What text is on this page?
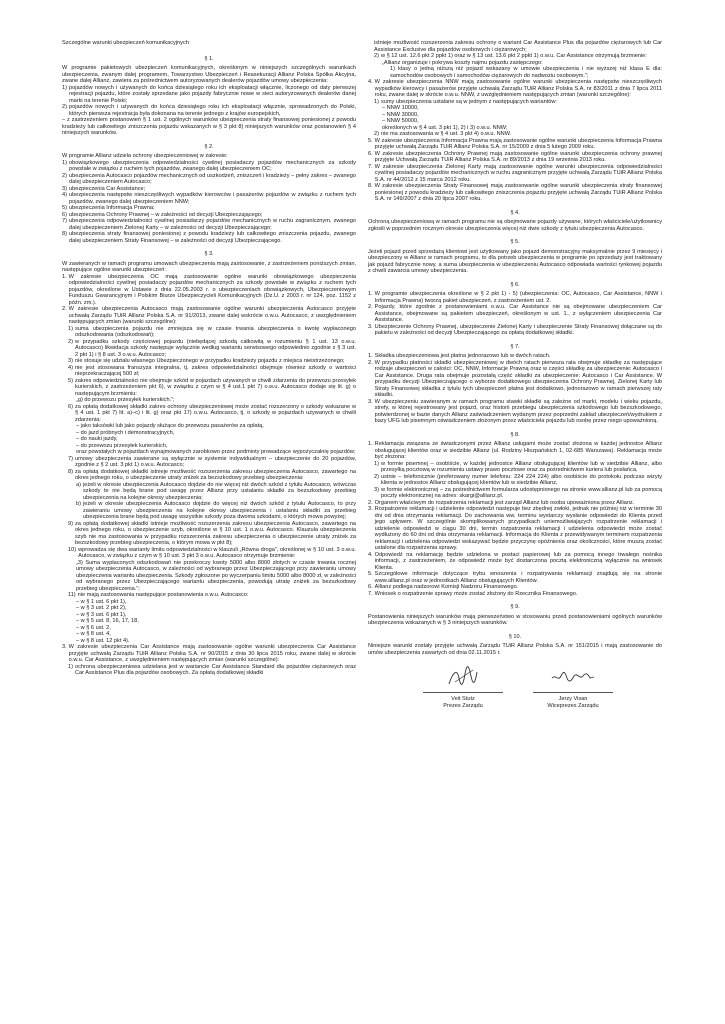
Szczególne warunki ubezpieczeń komunikacyjnych

§ 1.

W programie pakietowych ubezpieczeń komunikacyjnych, określonym w niniejszych szczególnych warunkach ubezpieczenia, zwanym dalej programem, Towarzystwo Ubezpieczeń i Reasekuracji Allianz Polska Spółka Akcyjna, zwane dalej Allianz, zawiera za pośrednictwem autoryzowanych dealerów pojazdów umowy ubezpieczenia:

1) pojazdów nowych i używanych do końca dziesiątego roku ich eksploatacji włącznie, liczonego od daty pierwszej rejestracji pojazdu, które zostały sprzedane jako pojazdy fabrycznie nowe w sieci autoryzowanych dealerów danej marki na terenie Polski;
2) pojazdów nowych i używanych do końca dziesiątego roku ich eksploatacji włącznie, sprowadzonych do Polski, których pierwsza rejestracja była dokonana na terenie jednego z krajów europejskich,

– z zastrzeżeniem postanowień § 1 ust. 2 ogólnych warunków ubezpieczenia straty finansowej poniesionej z powodu kradzieży lub całkowitego zniszczenia pojazdu wskazanych w § 3 pkt 8) niniejszych warunków oraz postanowień § 4 niniejszych warunków.

§ 2.

W programie Allianz udziela ochrony ubezpieczeniowej w zakresie:

1) obowiązkowego ubezpieczenia odpowiedzialności cywilnej posiadaczy pojazdów mechanicznych za szkody powstałe w związku z ruchem tych pojazdów, zwanego dalej ubezpieczeniem OC;
2) ubezpieczenia Autocasco pojazdów mechanicznych od uszkodzeń, zniszczeń i kradzieży – pełny zakres – zwanego dalej ubezpieczeniem Autocasco;
3) ubezpieczenia Car Assistance;
4) ubezpieczenia następstw nieszczęśliwych wypadków kierowców i pasażerów pojazdów w związku z ruchem tych pojazdów, zwanego dalej ubezpieczeniem NNW;
5) ubezpieczenia Informacja Prawna;
6) ubezpieczenia Ochrony Prawnej – w zależności od decyzji Ubezpieczającego;
7) ubezpieczenia odpowiedzialności cywilnej posiadaczy pojazdów mechanicznych w ruchu zagranicznym, zwanego dalej ubezpieczeniem Zielonej Karty – w zależności od decyzji Ubezpieczającego;
8) ubezpieczenia straty finansowej poniesionej z powodu kradzieży lub całkowitego zniszczenia pojazdu, zwanego dalej ubezpieczeniem Straty Finansowej – w zależności od decyzji Ubezpieczającego.

§ 3.

W zawieranych w ramach programu umowach ubezpieczenia mają zastosowanie, z zastrzeżeniem poniższych zmian, następujące ogólne warunki ubezpieczeń:

1. W zakresie ubezpieczenia OC mają zastosowanie ogólne warunki obowiązkowego ubezpieczenia odpowiedzialności cywilnej posiadaczy pojazdów mechanicznych za szkody powstałe w związku z ruchem tych pojazdów, określone w Ustawie z dnia 22.05.2003 r. o ubezpieczeniach obowiązkowych, Ubezpieczeniowym Funduszu Gwarancyjnym i Polskim Biurze Ubezpieczycieli Komunikacyjnych (Dz.U. z 2003 r. nr 124, poz. 1152 z późn. zm.).
2. W zakresie ubezpieczenia Autocasco mają zastosowanie ogólne warunki ubezpieczenia Autocasco przyjęte uchwałą Zarządu TUiR Allianz Polska S.A. nr 91/2013, zwane dalej wskrócie o.w.u. Autocasco, z uwzględnieniem następujących zmian (warunki szczególne):
1) suma ubezpieczenia pojazdu nie zmniejsza się w czasie trwania ubezpieczenia o kwotę wypłaconego odszkodowania (odszkodowań);
2) w przypadku szkody częściowej pojazdu (niebędącej szkodą całkowitą w rozumieniu § 1 ust. 13 o.w.u. Autocasco) likwidacja szkody następuje wyłącznie według wariantu serwisowego odpowiednio zgodnie z § 3 ust. 2 pkt 1) i § 8 ust. 3 o.w.u. Autocasco;
3) nie stosuje się udziału własnego Ubezpieczonego w przypadku kradzieży pojazdu z miejsca nieistrzeżonego;
4) nie jest stosowana franszyza integralna, tj. zakres odpowiedzialności obejmuje również szkody o wartości nieprzekraczającej 500 zł;
5) zakres odpowiedzialności nie obejmuje szkód w pojazdach używanych w chwili zdarzenia do przewozu przesyłek kurierskich, z zastrzeżeniem pkt 6), w związku z czym w § 4 ust.1 pkt 7) o.w.u. Autocasco dodaje się lit. g) o następującym brzmieniu:

„g) do przewozu przesyłek kurierskich.”;

6) za opłatą dodatkowej składki zakres ochrony ubezpieczeniowej może zostać rozszerzony o szkody wskazane w § 4 ust. 1 pkt 7) lit. a)–c) i lit. g) oraz pkt 17) o.w.u. Autocasco, tj. o szkody w pojazdach używanych w chwili zdarzenia:

– jako taksówki lub jako pojazdy służące do przewozu pasażerów za opłatą,

– do jazd próbnych i demonstracyjnych,

– do nauki jazdy,

– do przewozu przesyłek kurierskich,

oraz powstałych w pojazdach wynajmowanych zarobkowo przez podmioty prowadzące wypożyczalnię pojazdów;

7) umowy ubezpieczenia zawierane są wyłącznie w systemie indywidualnym – ubezpieczenie do 20 pojazdów, zgodnie z § 2 ust. 3 pkt 1) o.w.u. Autocasco;
8) za opłatą dodatkowej składki istnieje możliwość rozszerzenia zakresu ubezpieczenia Autocasco, zawartego na okres jednego roku, o ubezpieczenie utraty zniżek za bezszkodowy przebieg ubezpieczenia:
a) jeżeli w okresie ubezpieczenia Autocasco dojdzie do nie więcej niż dwóch szkód z tytułu Autocasco, wówczas szkody te nie będą brane pod uwagę przez Allianz przy ustalaniu składki za bezszkodowy przebieg ubezpieczenia na kolejne okresy ubezpieczenia;
b) jeżeli w okresie ubezpieczenia Autocasco dojdzie do więcej niż dwóch szkód z tytułu Autocasco, to przy zawieraniu umowy ubezpieczenia na kolejne okresy ubezpieczenia i ustalaniu składki za przebieg ubezpieczenia brane będą pod uwagę wszystkie szkody poza dwoma szkodami, o których mowa powyżej;
9) za opłatą dodatkowej składki istnieje możliwość rozszerzenia zakresu ubezpieczenia Autocasco, zawartego na okres jednego roku, o ubezpieczenie szyb, określone w § 10 ust. 1 o.w.u. Autocasco. Klauzula ubezpieczenia szyb nie ma zastosowania w przypadku rozszerzenia zakresu ubezpieczenia o ubezpieczenie utraty zniżek za bezszkodowy przebieg ubezpieczenia, o którym mowa w pkt 8);
10) wprowadza się dwa warianty limitu odpowiedzialności w klauzuli „Równa droga”, określonej w § 10 ust. 3 o.w.u. Autocasco, w związku z czym w § 10 ust. 3 pkt 3 o.w.u. Autocasco otrzymuje brzmienie:

„3) Suma wypłaconych odszkodowań nie przekroczy kwoty 5000 albo 8000 złotych w czasie trwania rocznej umowy ubezpieczenia Autocasco, w zależności od wybranego przez Ubezpieczającego przy zawieraniu umowy ubezpieczenia wariantu ubezpieczenia. Szkody zgłoszone po wyczerpaniu limitu 5000 albo 8000 zł, w zależności od wybranego przez Ubezpieczającego wariantu ubezpieczenia, powodują utratę zniżek za bezszkodowy przebieg ubezpieczenia.”;

11) nie mają zastosowania następujące postanowienia o.w.u. Autocasco:

– w § 1 ust. 6 pkt 1),

– w § 3 ust. 2 pkt 2),

– w § 3 ust. 6 pkt 1),

– w § 5 ust. 8, 16, 17, 18,

– w § 6 ust. 2,

– w § 8 ust. 4,

– w § 8 ust. 12 pkt 4).

3. W zakresie ubezpieczenia Car Assistance mają zastosowanie ogólne warunki ubezpieczenia Car Assistance przyjęte uchwałą Zarządu TUiR Allianz Polska S.A. nr 90/2015 z dnia 30 lipca 2015 roku, zwane dalej w skrócie o.w.u. Car Assistance, z uwzględnieniem następujących zmian (warunki szczególne):
1) ochrona ubezpieczeniowa udzielana jest w wariancie Car Assistance Standard dla pojazdów ciężarowych oraz Car Assistance Plus dla pojazdów osobowych. Za opłatą dodatkowej składki

istnieje możliwość rozszerzenia zakresu ochrony o wariant Car Assistance Plus dla pojazdów ciężarowych lub Car Assistance Exclusive dla pojazdów osobowych i ciężarowych;

2) w § 12 ust. 12.6 pkt 2 ppkt 1) oraz w § 13 ust. 13.6 pkt 2 ppkt 1) o.w.u. Car Assistance otrzymują brzmienie:

„Allianz organizuje i pokrywa koszty najmu pojazdu zastępczego:

1) klasy o jedną niższą niż pojazd wskazany w umowie ubezpieczenia i nie wyższej niż klasa E dla: samochodów osobowych i samochodów ciężarowych do nadwoziu osobowym.”;

4. W zakresie ubezpieczenia NNW mają zastosowanie ogólne warunki ubezpieczenia następstw nieszczęśliwych wypadków kierowcy i pasażerów przyjęte uchwałą Zarządu TUiR Allianz Polska S.A. nr 83/2011 z dnia 7 lipca 2011 roku, zwane dalej w skrócie o.w.u. NNW, z uwzględnieniem następujących zmian (warunki szczególne):
1) sumy ubezpieczenia ustalane są w jednym z następujących wariantów:

– NNW 10000,

– NNW 30000,

– NNW 50000,

określonych w § 4 ust. 3 pkt 1), 2) i 3) o.w.u. NNW;

2) nie ma zastosowania w § 4 ust. 3 pkt 4) o.w.u. NNW.
5. W zakresie ubezpieczenia Informacja Prawna mają zastosowanie ogólne warunki ubezpieczenia Informacja Prawna przyjęte uchwałą Zarządu TUiR Allianz Polska S.A. nr 15/2009 z dnia 5 lutego 2009 roku.
6. W zakresie ubezpieczenia Ochrony Prawnej mają zastosowanie ogólne warunki ubezpieczenia ochrony prawnej przyjęte Uchwałą Zarządu TUiR Allianz Polska S.A. nr 89/2013 z dnia 19 września 2013 roku.
7. W zakresie ubezpieczenia Zielonej Karty mają zastosowanie ogólne warunki ubezpieczenia odpowiedzialności cywilnej posiadaczy pojazdów mechanicznych w ruchu zagranicznym przyjęte uchwałą Zarządu TUiR Allianz Polska S.A. nr 44/2012 z 15 marca 2012 roku.
8. W zakresie ubezpieczenia Straty Finansowej mają zastosowanie ogólne warunki ubezpieczenia straty finansowej poniesionej z powodu kradzieży lub całkowitego zniszczenia pojazdu przyjęte uchwałą Zarządu TUiR Allianz Polska S.A. nr 149/2007 z dnia 20 lipca 2007 roku.

§ 4.

Ochroną ubezpieczeniową w ramach programu nie są obejmowane pojazdy używane, których właściciele/użytkownicy zgłosili w poprzednim rocznym okresie ubezpieczenia więcej niż dwie szkody z tytułu ubezpieczenia Autocasco.

§ 5.

Jeżeli pojazd przed sprzedażą klientowi jest użytkowany jako pojazd demonstracyjny maksymalnie przez 9 miesięcy i ubezpieczony w Allianz w ramach programu, to dla potrzeb ubezpieczenia w programie po sprzedaży jest traktowany jak pojazd fabrycznie nowy, a suma ubezpieczenia w ubezpieczeniu Autocasco odpowiada wartości rynkowej pojazdu z chwili zawarcia umowy ubezpieczenia.

§ 6.

1. W programie ubezpieczenia określone w § 2 pkt 1) - 5) (ubezpieczenia: OC, Autocasco, Car Assistance, NNW i Informacja Prawna) tworzą pakiet ubezpieczeń, z zastrzeżeniem ust. 2.
2. Pojazdy, które zgodnie z postanowieniami o.w.u. Car Assistance nie są obejmowane ubezpieczeniem Car Assistance, obejmowane są pakietem ubezpieczeń, określonym w ust. 1., z wyłączeniem ubezpieczenia Car Assistance.
3. Ubezpieczenie Ochrony Prawnej, ubezpieczenie Zielonej Karty i ubezpieczenie Straty Finansowej dołączane są do pakietu w zależności od decyzji Ubezpieczającego za opłatą dodatkowej składki.

§ 7.

1. Składka ubezpieczeniowa jest płatna jednorazowo lub w dwóch ratach.
2. W przypadku płatności składki ubezpieczeniowej w dwóch ratach pierwsza rata obejmuje składkę za następujące rodzaje ubezpieczeń w całości: OC, NNW, Informacje Prawną oraz w części składkę za ubezpieczenie: Autocasco i Car Assistance. Druga rata obejmuje pozostałą część składki za ubezpieczenie: Autocasco i Car Assistance. W przypadku decyzji Ubezpieczającego o wyborze dodatkowego ubezpieczenia Ochrony Prawnej, Zielonej Karty lub Straty Finansowej składka z tytułu tych ubezpieczeń płatna jest dodatkowo, jednorazowo w ramach pierwszej raty składki.
3. W ubezpieczeniu zawieranym w ramach programu stawki składki są zależne od marki, modelu i wieku pojazdu, strefy, w której rejestrowany jest pojazd, oraz historii przebiegu ubezpieczenia szkodowego lub bezszkodowego, potwierdzonej w bazie danych Allianz zaświadczeniem wydanym przez poprzedni zakład ubezpieczeń/wydrukiem z bazy UFG lub pisemnym oświadczeniem złożonym przez właściciela pojazdu lub osobę przez niego upoważnioną.

§ 8.

1. Reklamacja związana ze świadczonymi przez Allianz usługami może zostać złożona w każdej jednostce Allianz obsługującej klientów oraz w siedzibie Allianz (ul. Rodziny Hiszpańskich 1, 02-685 Warszawa). Reklamacja może być złożona:
1) w formie pisemnej – osobiście, w każdej jednostce Allianz obsługującej klientów lub w siedzibie Allianz, albo przesyłką pocztową w rozumieniu ustawy prawo pocztowe oraz za pośrednictwem kuriera lub posłańca,
2) ustnie – telefonicznie (preferowany numer telefonu: 224 224 224) albo osobiście do protokołu podczas wizyty klienta w jednostce Allianz obsługującej klientów lub w siedzibie Allianz,
3) w formie elektronicznej – za pośrednictwem formularza udostępnionego na stronie www.allianz.pl lub za pomocą poczty elektronicznej na adres: skargi@allianz.pl.
2. Organem właściwym do rozpatrzenia reklamacji jest zarząd Allianz lub osoba upoważniona przez Allianz.
3. Rozpatrzenie reklamacji i udzielenie odpowiedzi następuje bez zbędnej zwłoki, jednak nie później niż w terminie 30 dni od dnia otrzymania reklamacji. Do zachowania ww. terminu wystarczy wysłanie odpowiedzi do Klienta przed jego upływem. W szczególnie skomplikowanych przypadkach uniemożliwiających rozpatrzenie reklamacji i udzielenie odpowiedzi w ciągu 30 dni, termin rozpatrzenia reklamacji i udzielenia odpowiedzi może zostać wydłużony do 60 dni od dnia otrzymania reklamacji. Informacja do Klienta z przewidywanym terminem rozpatrzenia reklamacji i udzielenia odpowiedzi wskazywać będzie przyczynę opóźnienia oraz okoliczności, które muszą zostać ustalone dla rozpatrzenia sprawy.
4. Odpowiedź na reklamację będzie udzielona w postaci papierowej lub za pomocą innego trwałego nośnika informacji, z zastrzeżeniem, że odpowiedź może być dostarczona pocztą elektroniczną wyłącznie na wniosek Klienta.
5. Szczegółowe informacje dotyczące trybu wnoszenia i rozpatrywania reklamacji znajdują się na stronie www.allianz.pl oraz w jednostkach Allianz obsługujących Klientów.
6. Allianz podlega nadzorowi Komisji Nadzoru Finansowego.
7. Wniosek o rozpatrzenie sprawy może zostać złożony do Rzecznika Finansowego.

§ 9.

Postanowienia niniejszych warunków mają pierwszeństwo w stosowaniu przed postanowieniami ogólnych warunków ubezpieczenia wskazanych w § 3 niniejszych warunków.

§ 10.

Niniejsze warunki zostały przyjęte uchwałą Zarządu TUiR Allianz Polska S.A. nr 151/2015 i mają zastosowanie do umów ubezpieczenia zawartych od dnia 02.11.2015 r.

Veit Stutz
Prezes Zarządu
Jerzy Visan
Wiceprezes Zarządu
